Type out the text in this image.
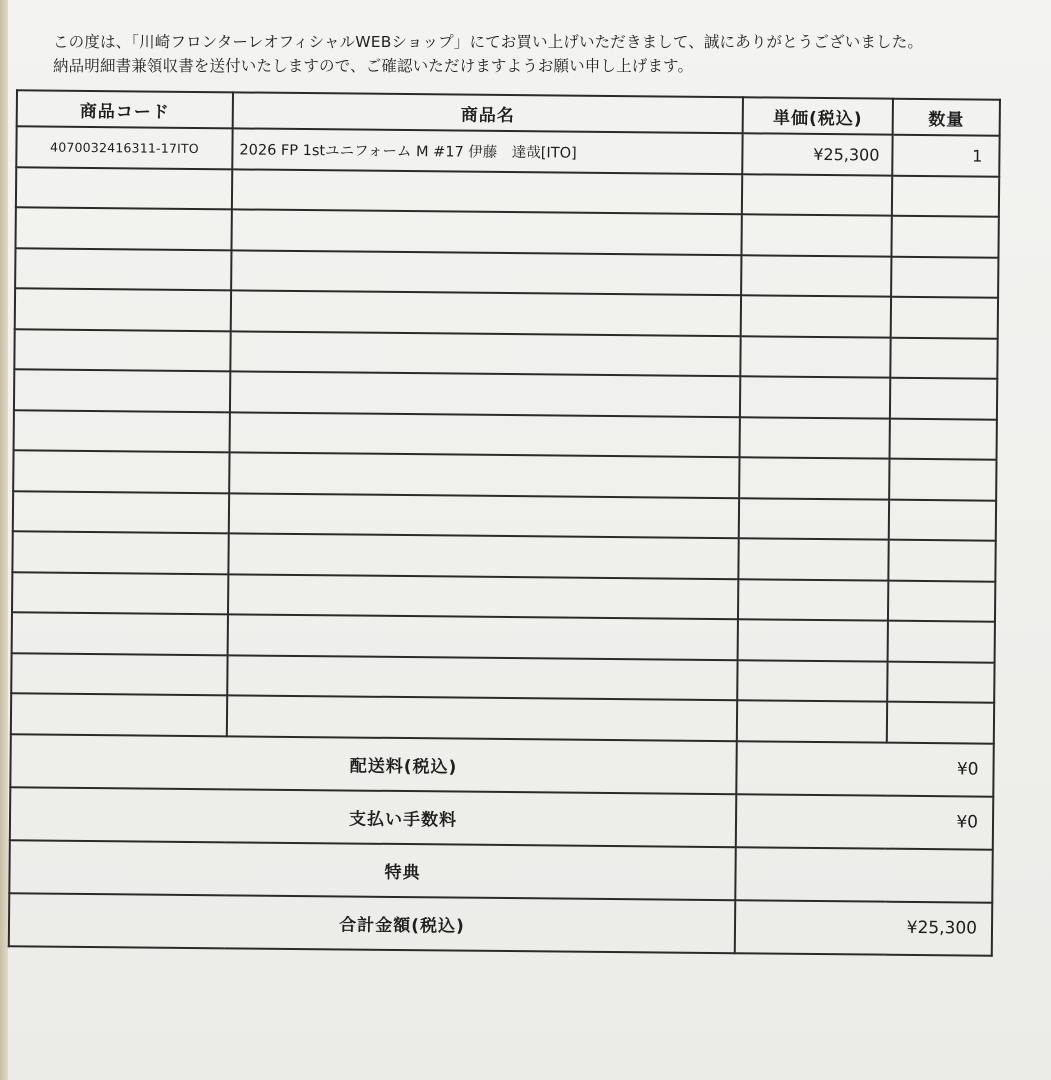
この度は、「川崎フロンターレオフィシャルWEBショップ」にてお買い上げいただきまして、誠にありがとうございました。
納品明細書兼領収書を送付いたしますので、ご確認いただけますようお願い申し上げます。
商品コード	商品名	単価(税込)	数量
4070032416311-17ITO	2026 FP 1stユニフォーム M #17 伊藤　達哉[ITO]	¥25,300	1

配送料(税込)		¥0	
支払い手数料		¥0	
特典			
合計金額(税込)		¥25,300	
